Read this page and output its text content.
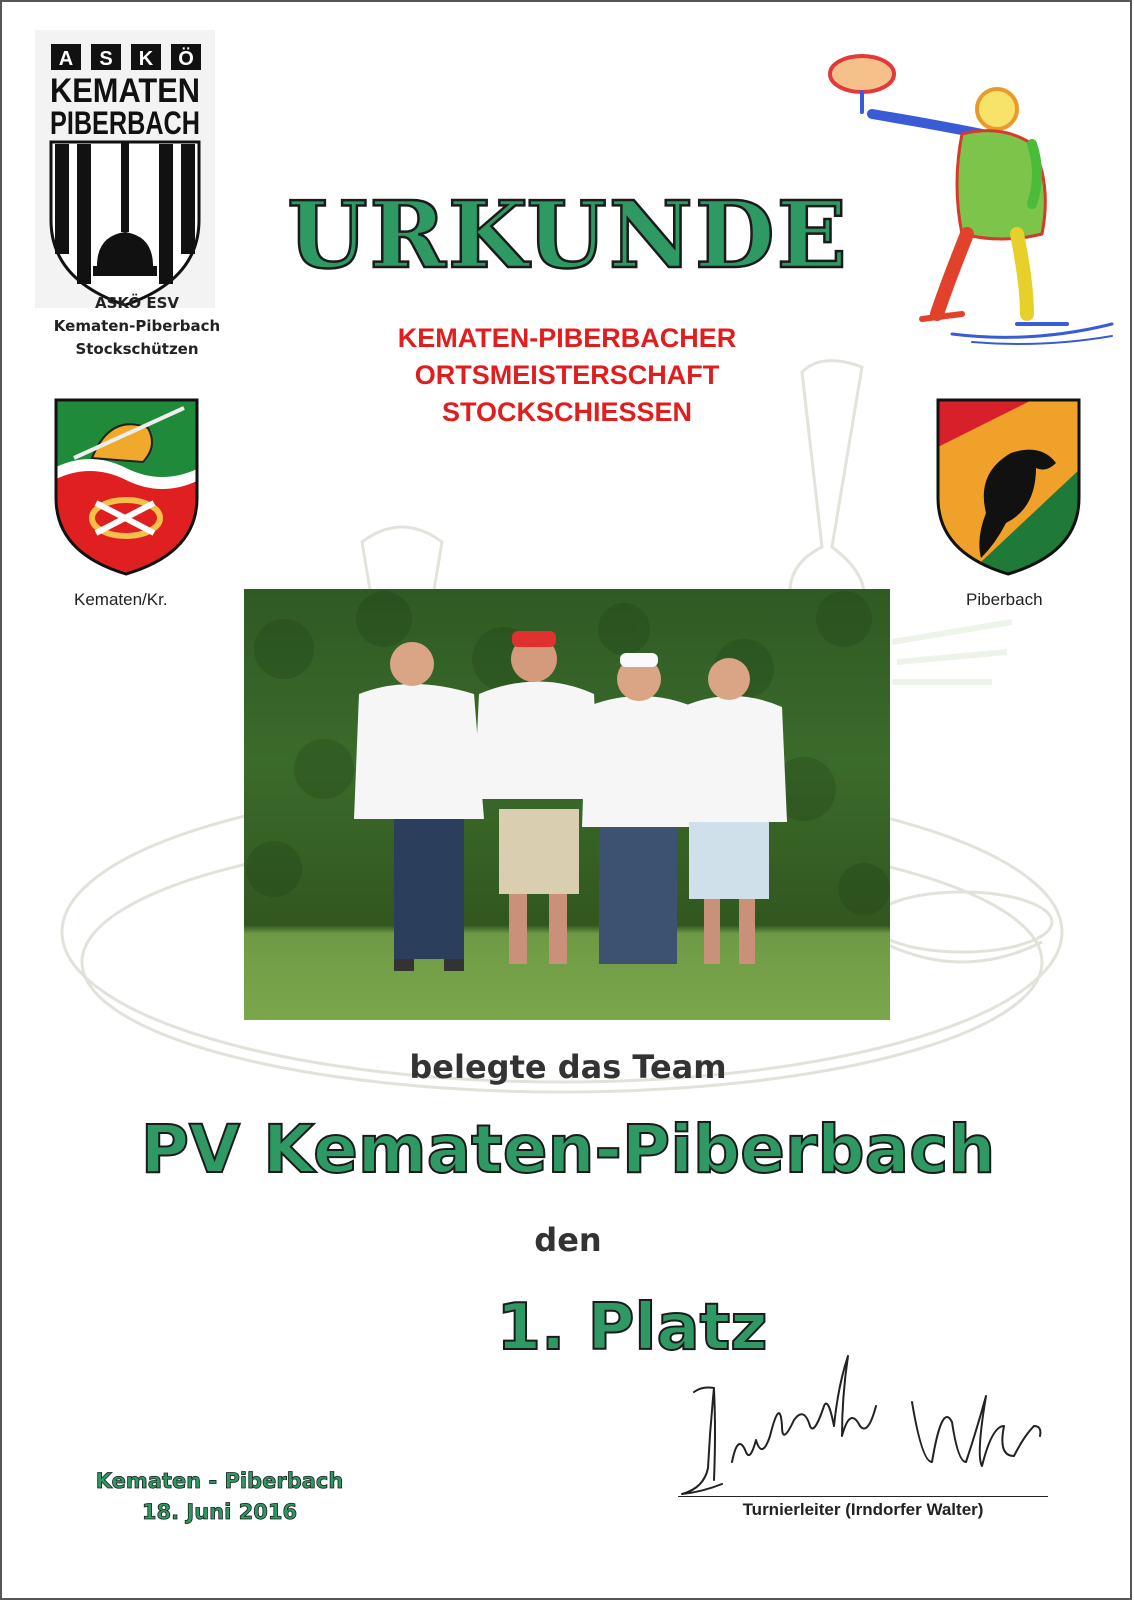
A S K Ö
KEMATEN
PIBERBACH
ASKÖ ESV
Kematen-Piberbach
Stockschützen
URKUNDE
KEMATEN-PIBERBACHER
ORTSMEISTERSCHAFT
STOCKSCHIESSEN
Kematen/Kr.	Piberbach
belegte das Team
PV Kematen-Piberbach
den
1. Platz
Kematen - Piberbach
18. Juni 2016	Turnierleiter (Irndorfer Walter)
